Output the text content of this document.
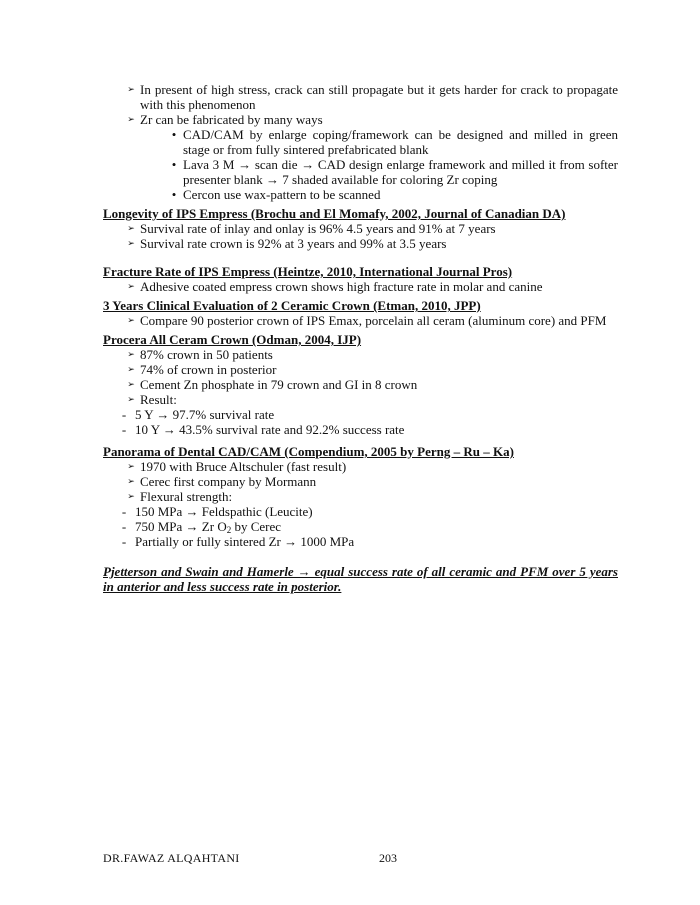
➢ In present of high stress, crack can still propagate but it gets harder for crack to propagate with this phenomenon
➢ Zr can be fabricated by many ways
• CAD/CAM by enlarge coping/framework can be designed and milled in green stage or from fully sintered prefabricated blank
• Lava 3 M → scan die → CAD design enlarge framework and milled it from softer presenter blank → 7 shaded available for coloring Zr coping
• Cercon use wax-pattern to be scanned
Longevity of IPS Empress (Brochu and El Momafy, 2002, Journal of Canadian DA)
➢ Survival rate of inlay and onlay is 96% 4.5 years and 91% at 7 years
➢ Survival rate crown is 92% at 3 years and 99% at 3.5 years
Fracture Rate of IPS Empress (Heintze, 2010, International Journal Pros)
➢ Adhesive coated empress crown shows high fracture rate in molar and canine
3 Years Clinical Evaluation of 2 Ceramic Crown (Etman, 2010, JPP)
➢ Compare 90 posterior crown of IPS Emax, porcelain all ceram (aluminum core) and PFM
Procera All Ceram Crown (Odman, 2004, IJP)
➢ 87% crown in 50 patients
➢ 74% of crown in posterior
➢ Cement Zn phosphate in 79 crown and GI in 8 crown
➢ Result:
- 5 Y → 97.7% survival rate
- 10 Y → 43.5% survival rate and 92.2% success rate
Panorama of Dental CAD/CAM (Compendium, 2005 by Perng – Ru – Ka)
➢ 1970 with Bruce Altschuler (fast result)
➢ Cerec first company by Mormann
➢ Flexural strength:
- 150 MPa → Feldspathic (Leucite)
- 750 MPa → Zr $O_2$ by Cerec
- Partially or fully sintered Zr → 1000 MPa
Pjetterson and Swain and Hamerle → equal success rate of all ceramic and PFM over 5 years in anterior and less success rate in posterior.
DR.FAWAZ ALQAHTANI	203
